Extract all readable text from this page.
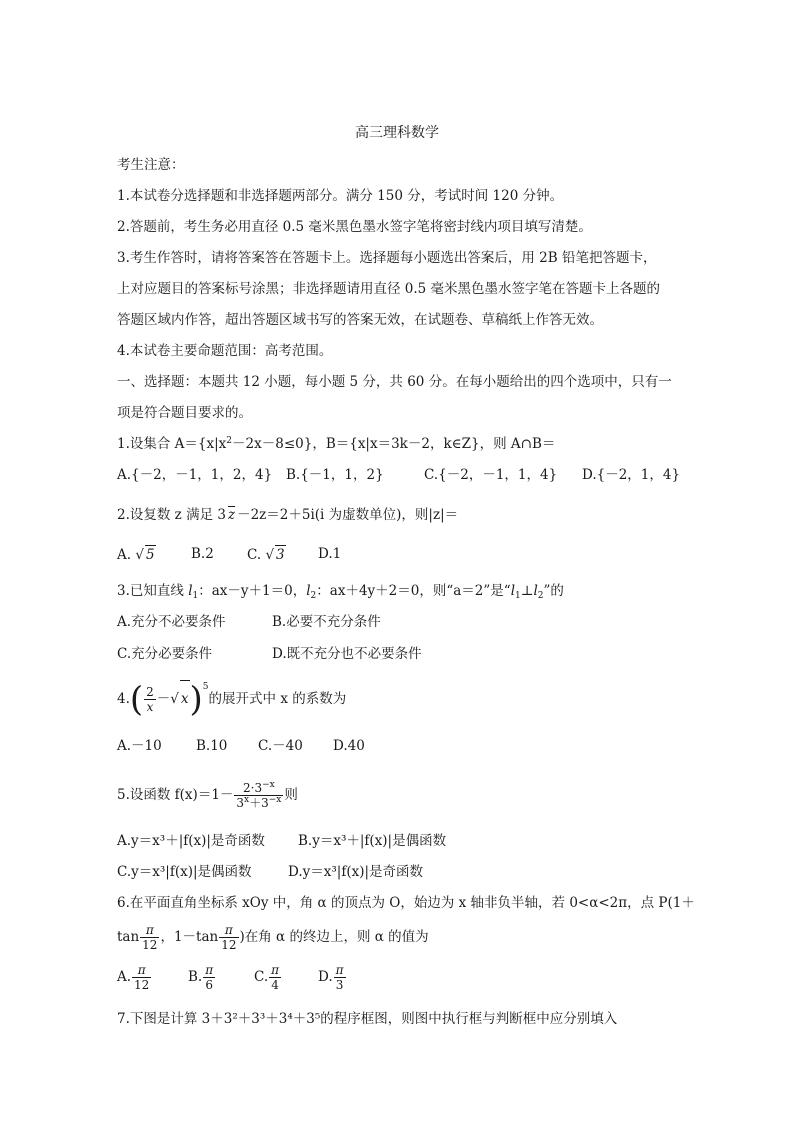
高三理科数学
考生注意：
1.本试卷分选择题和非选择题两部分。满分 150 分，考试时间 120 分钟。
2.答题前，考生务必用直径 0.5 毫米黑色墨水签字笔将密封线内项目填写清楚。
3.考生作答时，请将答案答在答题卡上。选择题每小题选出答案后，用 2B 铅笔把答题卡，
上对应题目的答案标号涂黑；非选择题请用直径 0.5 毫米黑色墨水签字笔在答题卡上各题的
答题区域内作答，超出答题区域书写的答案无效，在试题卷、草稿纸上作答无效。
4.本试卷主要命题范围：高考范围。
一、选择题：本题共 12 小题，每小题 5 分，共 60 分。在每小题给出的四个选项中，只有一
项是符合题目要求的。
1.设集合 $A=\{x|x^2-2x-8\le 0\}$，B＝{x|x＝3k－2，k∈Z}，则 A∩B＝
A.{－2，－1，1，2，4} B.{－1，1，2}	C.{－2，－1，1，4} D.{－2，1，4}
2.设复数 z 满足 3 $\overline{z} -2z=2+5i(i$ 为虚数单位)，则|z|＝
A. √ 5	B.2 C. √ 3 D.1
3.已知直线 $l_1$：ax－y＋1＝0，$l_2$：ax＋4y＋2＝0，则“a＝2”是“$l_1\perp l_2$”的
A.充分不必要条件	B.必要不充分条件
C.充分必要条件	D.既不充分也不必要条件
$4.( \frac{2}{x}$ －√ x)$^5$的展开式中 x 的系数为
A.－10	B.10 C.－40 D.40
5.设函数 $f(x)=1- \frac{2\cdot 3^{-x}}{3^x+3^{-x}}$ 则
A.y＝x³＋|f(x)|是奇函数 B.y＝x³＋|f(x)|是偶函数
C.y＝x³|f(x)|是偶函数	D.y＝x³|f(x)|是奇函数
6.在平面直角坐标系 xOy 中，角 α 的顶点为 O，始边为 x 轴非负半轴，若 0<α<2π，点 P(1＋
$\tan \frac{\pi}{12}$ ，$1-\tan \frac{\pi}{12}$ )在角 α 的终边上，则 α 的值为
A. $\frac{\pi}{12}$	B. $\frac{\pi}{6}$	C. $\frac{\pi}{4}$	D. $\frac{\pi}{3}$
7.下图是计算 3＋3²＋3³＋3⁴＋3⁵的程序框图，则图中执行框与判断框中应分别填入
